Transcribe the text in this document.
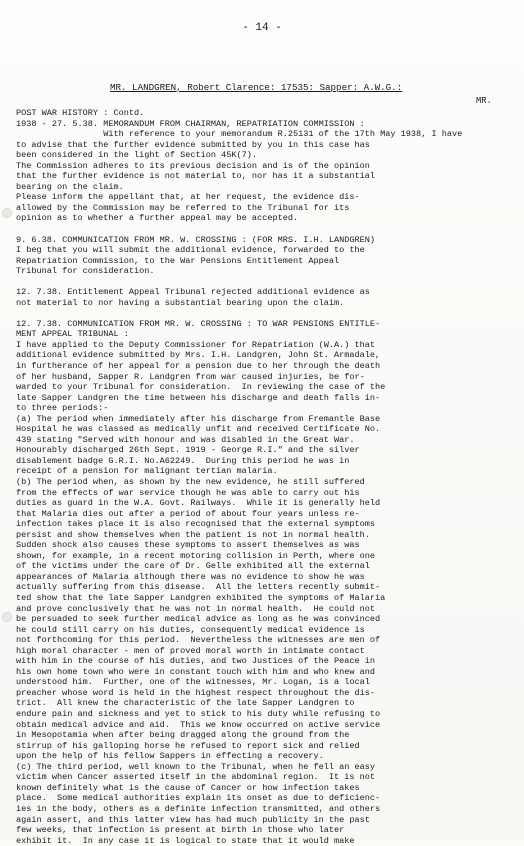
- 14 -
MR. LANDGREN, Robert Clarence: 17535: Sapper: A.W.G.:
MR.
POST WAR HISTORY : Contd.
1938 - 27. 5.38. MEMORANDUM FROM CHAIRMAN, REPATRIATION COMMISSION :
With reference to your memorandum R.25131 of the 17th May 1938, I have
to advise that the further evidence submitted by you in this case has
been considered in the light of Section 45K(7).
The Commission adheres to its previous decision and is of the opinion
that the further evidence is not material to, nor has it a substantial
bearing on the claim.
Please inform the appellant that, at her request, the evidence dis-
allowed by the Commission may be referred to the Tribunal for its
opinion as to whether a further appeal may be accepted.
9. 6.38. COMMUNICATION FROM MR. W. CROSSING : (FOR MRS. I.H. LANDGREN)
I beg that you will submit the additional evidence, forwarded to the
Repatriation Commission, to the War Pensions Entitlement Appeal
Tribunal for consideration.
12. 7.38. Entitlement Appeal Tribunal rejected additional evidence as
not material to nor having a substantial bearing upon the claim.
12. 7.38. COMMUNICATION FROM MR. W. CROSSING : TO WAR PENSIONS ENTITLE-
MENT APPEAL TRIBUNAL :
I have applied to the Deputy Commissioner for Repatriation (W.A.) that
additional evidence submitted by Mrs. I.H. Landgren, John St. Armadale,
in furtherance of her appeal for a pension due to her through the death
of her husband, Sapper R. Landgren from war caused injuries, be for-
warded to your Tribunal for consideration.  In reviewing the case of the
late Sapper Landgren the time between his discharge and death falls in-
to three periods:-
(a) The period when immediately after his discharge from Fremantle Base
Hospital he was classed as medically unfit and received Certificate No.
439 stating "Served with honour and was disabled in the Great War.
Honourably discharged 26th Sept. 1919 - George R.I." and the silver
disablement badge G.R.I. No.A62249.  During this period he was in
receipt of a pension for malignant tertian malaria.
(b) The period when, as shown by the new evidence, he still suffered
from the effects of war service though he was able to carry out his
duties as guard in the W.A. Govt. Railways.  While it is generally held
that Malaria dies out after a period of about four years unless re-
infection takes place it is also recognised that the external symptoms
persist and show themselves when the patient is not in normal health.
Sudden shock also causes these symptoms to assert themselves as was
shown, for example, in a recent motoring collision in Perth, where one
of the victims under the care of Dr. Gelle exhibited all the external
appearances of Malaria although there was no evidence to show he was
actually suffering from this disease.  All the letters recently submit-
ted show that the late Sapper Landgren exhibited the symptoms of Malaria
and prove conclusively that he was not in normal health.  He could not
be persuaded to seek further medical advice as long as he was convinced
he could still carry on his duties, consequently medical evidence is
not forthcoming for this period.  Nevertheless the witnesses are men of
high moral character - men of proved moral worth in intimate contact
with him in the course of his duties, and two Justices of the Peace in
his own home town who were in constant touch with him and who knew and
understood him.  Further, one of the witnesses, Mr. Logan, is a local
preacher whose word is held in the highest respect throughout the dis-
trict.  All knew the characteristic of the late Sapper Landgren to
endure pain and sickness and yet to stick to his duty while refusing to
obtain medical advice and aid.  This we know occurred on active service
in Mesopotamia when after being dragged along the ground from the
stirrup of his galloping horse he refused to report sick and relied
upon the help of his fellow Sappers in effecting a recovery.
(c) The third period, well known to the Tribunal, when he fell an easy
victim when Cancer asserted itself in the abdominal region.  It is not
known definitely what is the cause of Cancer or how infection takes
place.  Some medical authorities explain its onset as due to deficienc-
ies in the body, others as a definite infection transmitted, and others
again assert, and this latter view has had much publicity in the past
few weeks, that infection is present at birth in those who later
exhibit it.  In any case it is logical to state that it would make
